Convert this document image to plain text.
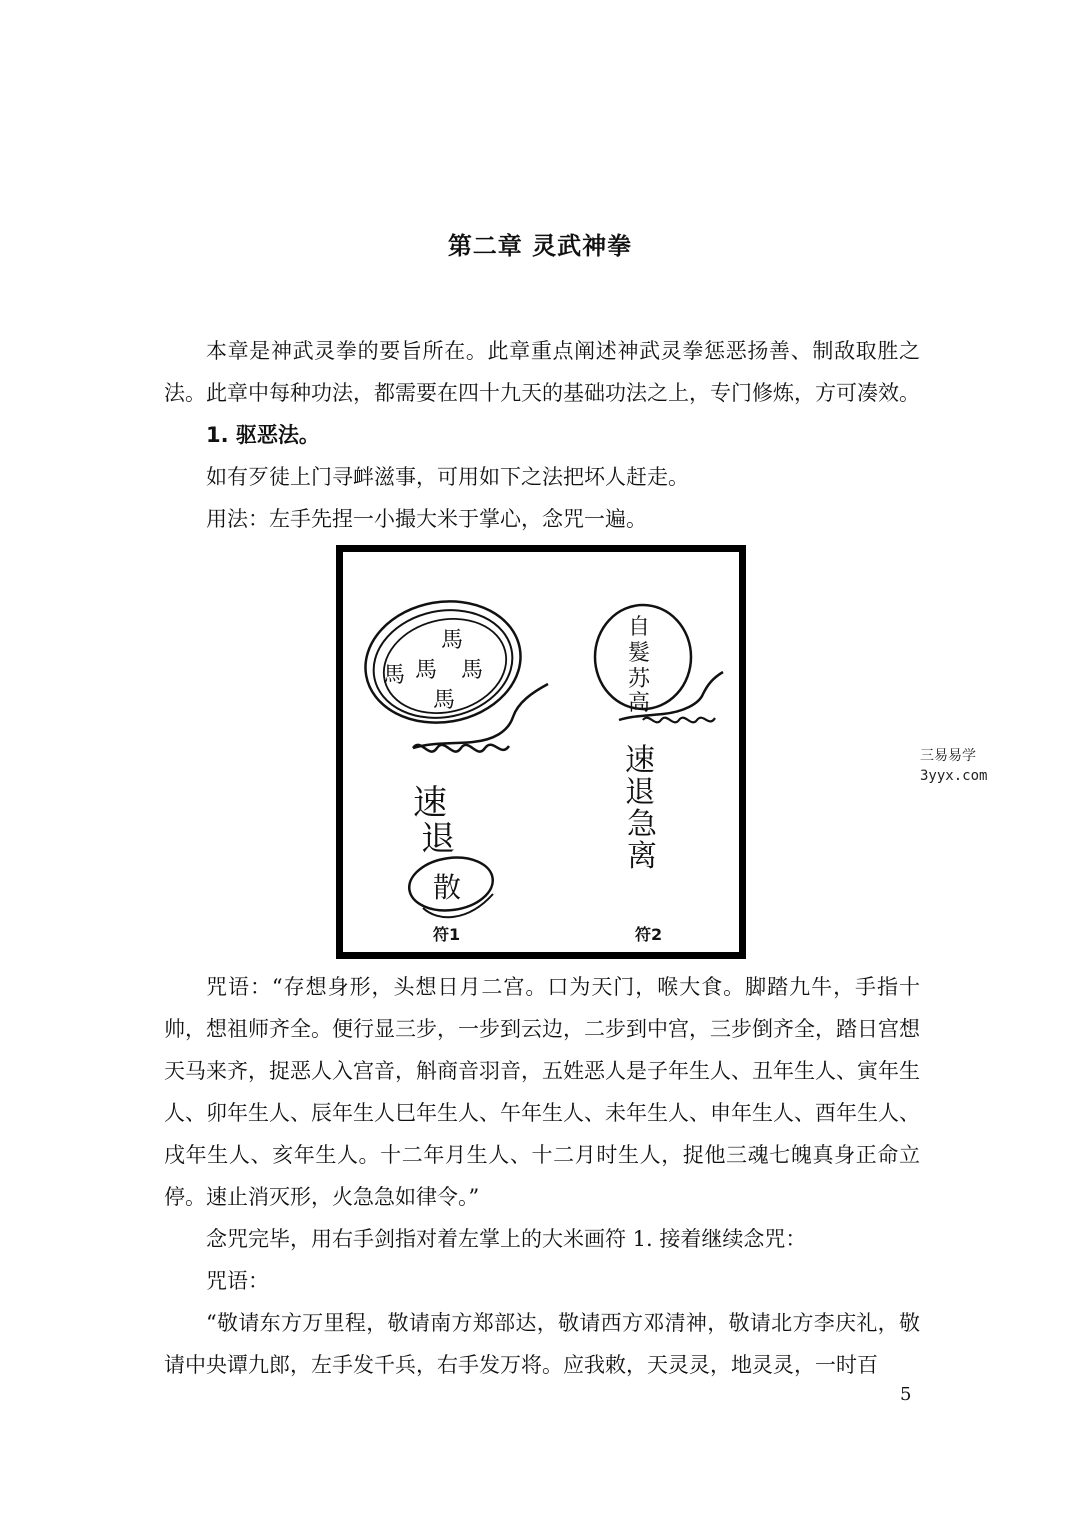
第二章 灵武神拳

本章是神武灵拳的要旨所在。此章重点阐述神武灵拳惩恶扬善、制敌取胜之法。此章中每种功法，都需要在四十九天的基础功法之上，专门修炼，方可凑效。

1. 驱恶法。

如有歹徒上门寻衅滋事，可用如下之法把坏人赶走。

用法：左手先捏一小撮大米于掌心，念咒一遍。

馬
馬 馬 馬
馬
速
退
散
符1
自
髮
苏
高
速
退
急
离
符2
三易易学
3yyx.com

咒语：“存想身形，头想日月二宫。口为天门，喉大食。脚踏九牛，手指十帅，想祖师齐全。便行显三步，一步到云边，二步到中宫，三步倒齐全，踏日宫想天马来齐，捉恶人入宫音，斛商音羽音，五姓恶人是子年生人、丑年生人、寅年生人、卯年生人、辰年生人巳年生人、午年生人、未年生人、申年生人、酉年生人、戌年生人、亥年生人。十二年月生人、十二月时生人，捉他三魂七魄真身正命立停。速止消灭形，火急急如律令。”

念咒完毕，用右手剑指对着左掌上的大米画符 1. 接着继续念咒：

咒语：

“敬请东方万里程，敬请南方郑部达，敬请西方邓清神，敬请北方李庆礼，敬请中央谭九郎，左手发千兵，右手发万将。应我敕，天灵灵，地灵灵，一时百

5
